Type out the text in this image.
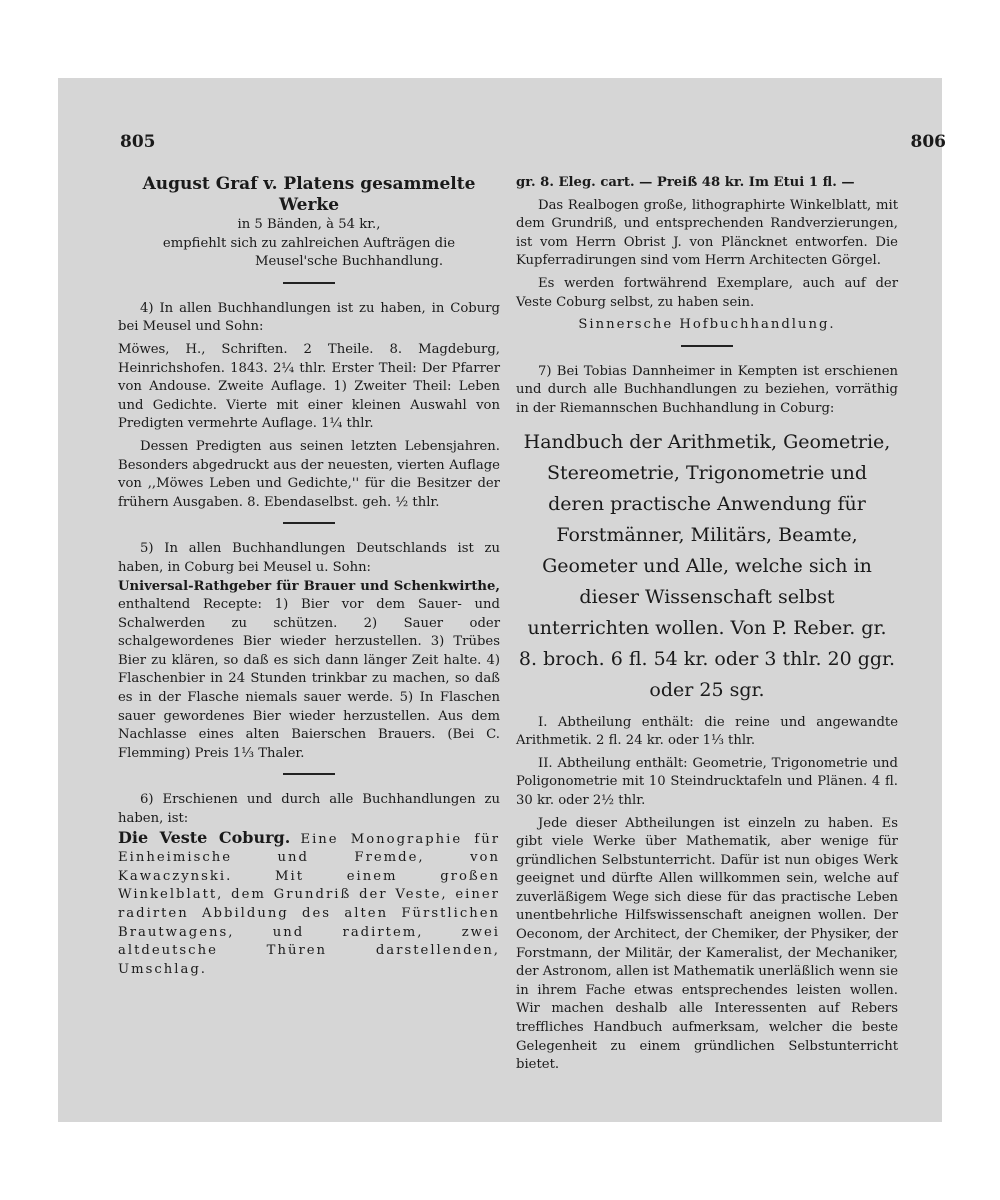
805	806

August Graf v. Platens gesammelte Werke

in 5 Bänden, à 54 kr.,

empfiehlt sich zu zahlreichen Aufträgen die

Meusel'sche Buchhandlung.

4) In allen Buchhandlungen ist zu haben, in Coburg bei Meusel und Sohn:

Möwes, H., Schriften. 2 Theile. 8. Magdeburg, Heinrichshofen. 1843. 2¼ thlr. Erster Theil: Der Pfarrer von Andouse. Zweite Auflage. 1) Zweiter Theil: Leben und Gedichte. Vierte mit einer kleinen Auswahl von Predigten vermehrte Auflage. 1¼ thlr.

Dessen Predigten aus seinen letzten Lebensjahren. Besonders abgedruckt aus der neuesten, vierten Auflage von ,,Möwes Leben und Gedichte,'' für die Besitzer der frühern Ausgaben. 8. Ebendaselbst. geh. ½ thlr.

5) In allen Buchhandlungen Deutschlands ist zu haben, in Coburg bei Meusel u. Sohn:

Universal-Rathgeber für Brauer und Schenkwirthe, enthaltend Recepte: 1) Bier vor dem Sauer- und Schalwerden zu schützen. 2) Sauer oder schalgewordenes Bier wieder herzustellen. 3) Trübes Bier zu klären, so daß es sich dann länger Zeit halte. 4) Flaschenbier in 24 Stunden trinkbar zu machen, so daß es in der Flasche niemals sauer werde. 5) In Flaschen sauer gewordenes Bier wieder herzustellen. Aus dem Nachlasse eines alten Baierschen Brauers. (Bei C. Flemming) Preis 1⅓ Thaler.

6) Erschienen und durch alle Buchhandlungen zu haben, ist:

Die Veste Coburg. Eine Monographie für Einheimische und Fremde, von Kawaczynski. Mit einem großen Winkelblatt, dem Grundriß der Veste, einer radirten Abbildung des alten Fürstlichen Brautwagens, und radirtem, zwei altdeutsche Thüren darstellenden, Umschlag.

gr. 8. Eleg. cart. — Preiß 48 kr. Im Etui 1 fl. —

Das Realbogen große, lithographirte Winkelblatt, mit dem Grundriß, und entsprechenden Randverzierungen, ist vom Herrn Obrist J. von Pläncknet entworfen. Die Kupferradirungen sind vom Herrn Architecten Görgel.

Es werden fortwährend Exemplare, auch auf der Veste Coburg selbst, zu haben sein.

Sinnersche Hofbuchhandlung.

7) Bei Tobias Dannheimer in Kempten ist erschienen und durch alle Buchhandlungen zu beziehen, vorräthig in der Riemannschen Buchhandlung in Coburg:

Handbuch der Arithmetik, Geometrie, Stereometrie, Trigonometrie und deren practische Anwendung für Forstmänner, Militärs, Beamte, Geometer und Alle, welche sich in dieser Wissenschaft selbst unterrichten wollen. Von P. Reber. gr. 8. broch. 6 fl. 54 kr. oder 3 thlr. 20 ggr. oder 25 sgr.

I. Abtheilung enthält: die reine und angewandte Arithmetik. 2 fl. 24 kr. oder 1⅓ thlr.

II. Abtheilung enthält: Geometrie, Trigonometrie und Poligonometrie mit 10 Steindrucktafeln und Plänen. 4 fl. 30 kr. oder 2½ thlr.

Jede dieser Abtheilungen ist einzeln zu haben. Es gibt viele Werke über Mathematik, aber wenige für gründlichen Selbstunterricht. Dafür ist nun obiges Werk geeignet und dürfte Allen willkommen sein, welche auf zuverläßigem Wege sich diese für das practische Leben unentbehrliche Hilfswissenschaft aneignen wollen. Der Oeconom, der Architect, der Chemiker, der Physiker, der Forstmann, der Militär, der Kameralist, der Mechaniker, der Astronom, allen ist Mathematik unerläßlich wenn sie in ihrem Fache etwas entsprechendes leisten wollen. Wir machen deshalb alle Interessenten auf Rebers treffliches Handbuch aufmerksam, welcher die beste Gelegenheit zu einem gründlichen Selbstunterricht bietet.
